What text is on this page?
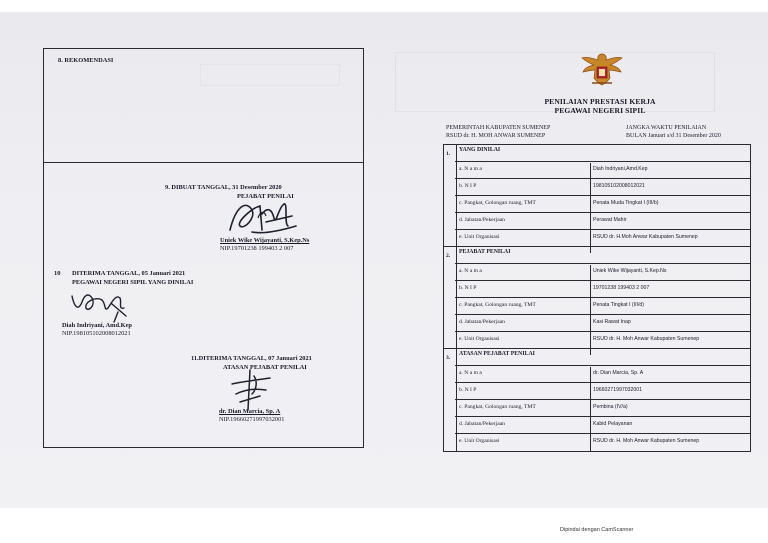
8. REKOMENDASI
9. DIBUAT TANGGAL, 31 Desember 2020
PEJABAT PENILAI
Uniek Wike Wijayanti, S.Kep.Ns
NIP.19701238 199403 2 007
10 DITERIMA TANGGAL, 05 Januari 2021
PEGAWAI NEGERI SIPIL YANG DINILAI
Diah Indriyani, Amd.Kep
NIP.198105102008012021
11.DITERIMA TANGGAL, 07 Januari 2021
ATASAN PEJABAT PENILAI
dr. Dian Marcia, Sp. A
NIP.19660271997032001
PENILAIAN PRESTASI KERJA
PEGAWAI NEGERI SIPIL
PEMERINTAH KABUPATEN SUMENEP
RSUD dr. H. MOH ANWAR SUMENEP
JANGKA WAKTU PENILAIAN
BULAN Januari s/d 31 Desember 2020
1.
YANG DINILAI
a. N a m a	Diah Indriyani,Amd.Kep
b. N I P	198105102008012021
c. Pangkat, Golongan ruang, TMT	Penata Muda Tingkat I (III/b)
d. Jabatan/Pekerjaan	Perawat Mahir
e. Unit Organisasi	RSUD dr. H.Moh Anwar Kabupaten Sumenep
2.
PEJABAT PENILAI
a. N a m a	Uniek Wike Wijayanti, S.Kep.Ns
b. N I P	19701238 199403 2 007
c. Pangkat, Golongan ruang, TMT	Penata Tingkat I (III/d)
d. Jabatan/Pekerjaan	Kasi Rawat Inap
e. Unit Organisasi	RSUD dr. H. Moh Anwar Kabupaten Sumenep
3.
ATASAN PEJABAT PENILAI
a. N a m a	dr. Dian Marcia, Sp. A
b. N I P	19660271997032001
c. Pangkat, Golongan ruang, TMT	Pembina (IV/a)
d. Jabatan/Pekerjaan	Kabid Pelayanan
e. Unit Organisasi	RSUD dr. H. Moh Anwar Kabupaten Sumenep
Dipindai dengan CamScanner
